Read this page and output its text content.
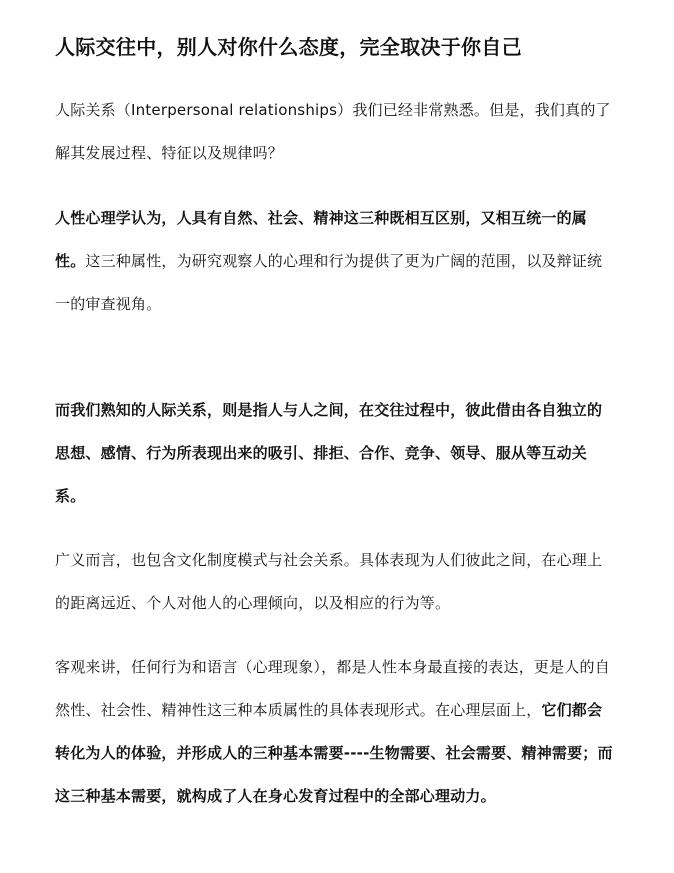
人际交往中，别人对你什么态度，完全取决于你自己

人际关系（Interpersonal relationships）我们已经非常熟悉。但是，我们真的了解其发展过程、特征以及规律吗？

人性心理学认为，人具有自然、社会、精神这三种既相互区别，又相互统一的属性。这三种属性，为研究观察人的心理和行为提供了更为广阔的范围，以及辩证统一的审查视角。

而我们熟知的人际关系，则是指人与人之间，在交往过程中，彼此借由各自独立的思想、感情、行为所表现出来的吸引、排拒、合作、竞争、领导、服从等互动关系。

广义而言，也包含文化制度模式与社会关系。具体表现为人们彼此之间，在心理上的距离远近、个人对他人的心理倾向，以及相应的行为等。

客观来讲，任何行为和语言（心理现象），都是人性本身最直接的表达，更是人的自然性、社会性、精神性这三种本质属性的具体表现形式。在心理层面上，它们都会转化为人的体验，并形成人的三种基本需要----生物需要、社会需要、精神需要；而这三种基本需要，就构成了人在身心发育过程中的全部心理动力。
